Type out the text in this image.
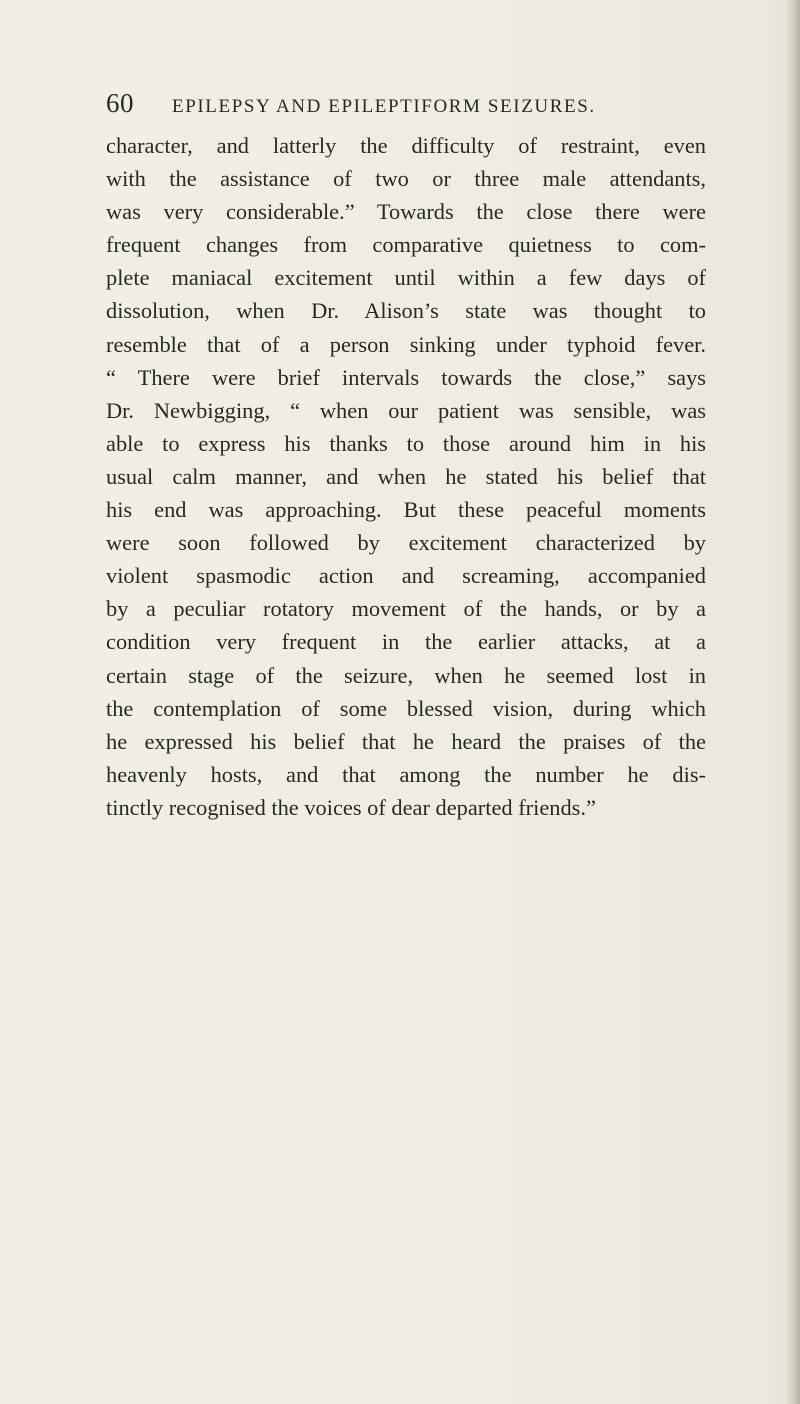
60	EPILEPSY AND EPILEPTIFORM SEIZURES.
character, and latterly the difficulty of restraint, even
with the assistance of two or three male attendants,
was very considerable.” Towards the close there were
frequent changes from comparative quietness to com-
plete maniacal excitement until within a few days of
dissolution, when Dr. Alison’s state was thought to
resemble that of a person sinking under typhoid fever.
“ There were brief intervals towards the close,” says
Dr. Newbigging, “ when our patient was sensible, was
able to express his thanks to those around him in his
usual calm manner, and when he stated his belief that
his end was approaching. But these peaceful moments
were soon followed by excitement characterized by
violent spasmodic action and screaming, accompanied
by a peculiar rotatory movement of the hands, or by a
condition very frequent in the earlier attacks, at a
certain stage of the seizure, when he seemed lost in
the contemplation of some blessed vision, during which
he expressed his belief that he heard the praises of the
heavenly hosts, and that among the number he dis-
tinctly recognised the voices of dear departed friends.”
